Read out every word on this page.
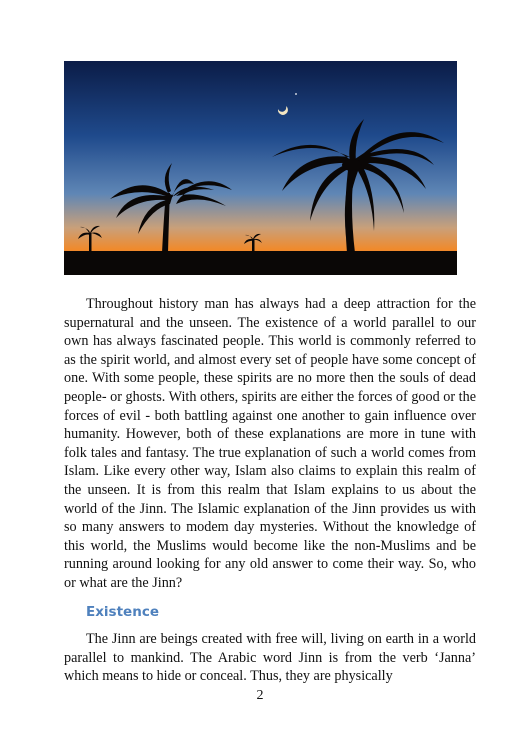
Throughout history man has always had a deep attraction for the supernatural and the unseen. The existence of a world parallel to our own has always fascinated people. This world is commonly referred to as the spirit world, and almost every set of people have some concept of one. With some people, these spirits are no more then the souls of dead people- or ghosts. With others, spirits are either the forces of good or the forces of evil - both battling against one another to gain influence over humanity. However, both of these explanations are more in tune with folk tales and fantasy. The true explanation of such a world comes from Islam. Like every other way, Islam also claims to explain this realm of the unseen. It is from this realm that Islam explains to us about the world of the Jinn. The Islamic explanation of the Jinn provides us with so many answers to modem day mysteries. Without the knowledge of this world, the Muslims would become like the non-Muslims and be running around looking for any old answer to come their way. So, who or what are the Jinn?

Existence

The Jinn are beings created with free will, living on earth in a world parallel to mankind. The Arabic word Jinn is from the verb ‘Janna’ which means to hide or conceal. Thus, they are physically

2
